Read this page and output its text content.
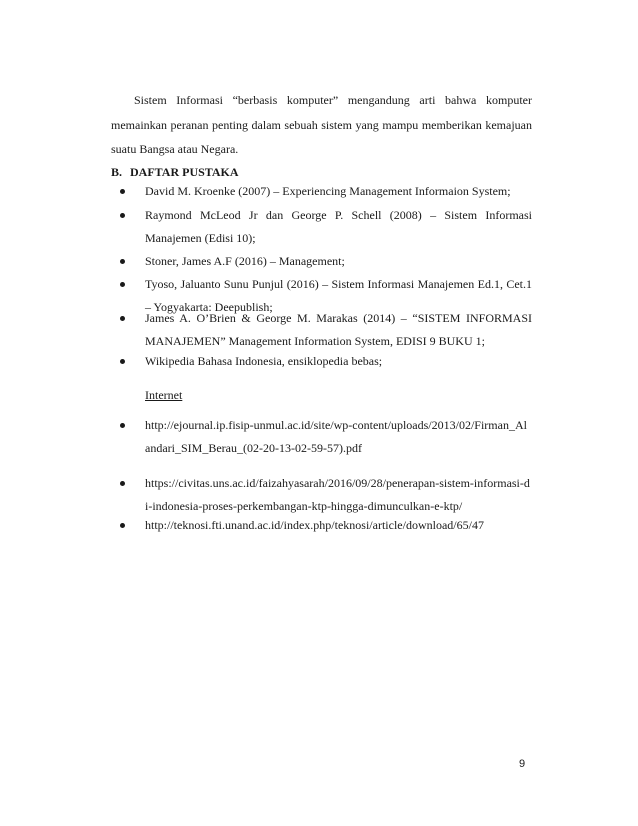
Sistem Informasi “berbasis komputer” mengandung arti bahwa komputer memainkan peranan penting dalam sebuah sistem yang mampu memberikan kemajuan suatu Bangsa atau Negara.

B. DAFTAR PUSTAKA

David M. Kroenke (2007) – Experiencing Management Informaion System;

Raymond McLeod Jr dan George P. Schell (2008) – Sistem Informasi Manajemen (Edisi 10);

Stoner, James A.F (2016) – Management;

Tyoso, Jaluanto Sunu Punjul (2016) – Sistem Informasi Manajemen Ed.1, Cet.1 – Yogyakarta: Deepublish;

James A. O’Brien & George M. Marakas (2014) – “SISTEM INFORMASI MANAJEMEN” Management Information System, EDISI 9 BUKU 1;

Wikipedia Bahasa Indonesia, ensiklopedia bebas;

Internet

http://ejournal.ip.fisip-unmul.ac.id/site/wp-content/uploads/2013/02/Firman_Alandari_SIM_Berau_(02-20-13-02-59-57).pdf

https://civitas.uns.ac.id/faizahyasarah/2016/09/28/penerapan-sistem-informasi-di-indonesia-proses-perkembangan-ktp-hingga-dimunculkan-e-ktp/

http://teknosi.fti.unand.ac.id/index.php/teknosi/article/download/65/47

9
